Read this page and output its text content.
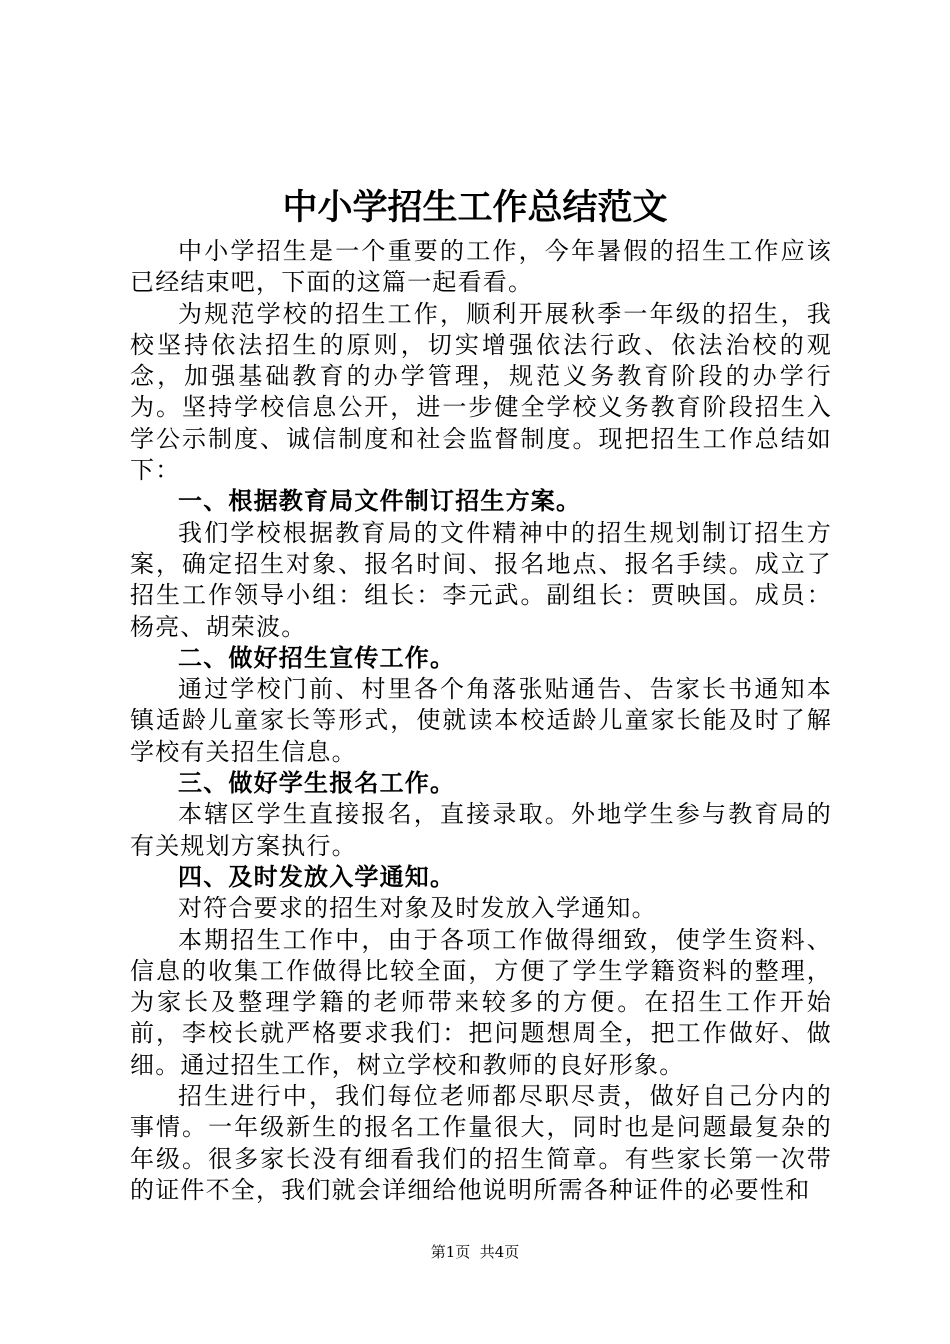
中小学招生工作总结范文

中小学招生是一个重要的工作，今年暑假的招生工作应该已经结束吧，下面的这篇一起看看。

为规范学校的招生工作，顺利开展秋季一年级的招生，我校坚持依法招生的原则，切实增强依法行政、依法治校的观念，加强基础教育的办学管理，规范义务教育阶段的办学行为。坚持学校信息公开，进一步健全学校义务教育阶段招生入学公示制度、诚信制度和社会监督制度。现把招生工作总结如下：

一、根据教育局文件制订招生方案。

我们学校根据教育局的文件精神中的招生规划制订招生方案，确定招生对象、报名时间、报名地点、报名手续。成立了招生工作领导小组：组长：李元武。副组长：贾映国。成员：杨亮、胡荣波。

二、做好招生宣传工作。

通过学校门前、村里各个角落张贴通告、告家长书通知本镇适龄儿童家长等形式，使就读本校适龄儿童家长能及时了解学校有关招生信息。

三、做好学生报名工作。

本辖区学生直接报名，直接录取。外地学生参与教育局的有关规划方案执行。

四、及时发放入学通知。

对符合要求的招生对象及时发放入学通知。

本期招生工作中，由于各项工作做得细致，使学生资料、信息的收集工作做得比较全面，方便了学生学籍资料的整理，为家长及整理学籍的老师带来较多的方便。在招生工作开始前，李校长就严格要求我们：把问题想周全，把工作做好、做细。通过招生工作，树立学校和教师的良好形象。

招生进行中，我们每位老师都尽职尽责，做好自己分内的事情。一年级新生的报名工作量很大，同时也是问题最复杂的年级。很多家长没有细看我们的招生简章。有些家长第一次带的证件不全，我们就会详细给他说明所需各种证件的必要性和

第1页  共4页
